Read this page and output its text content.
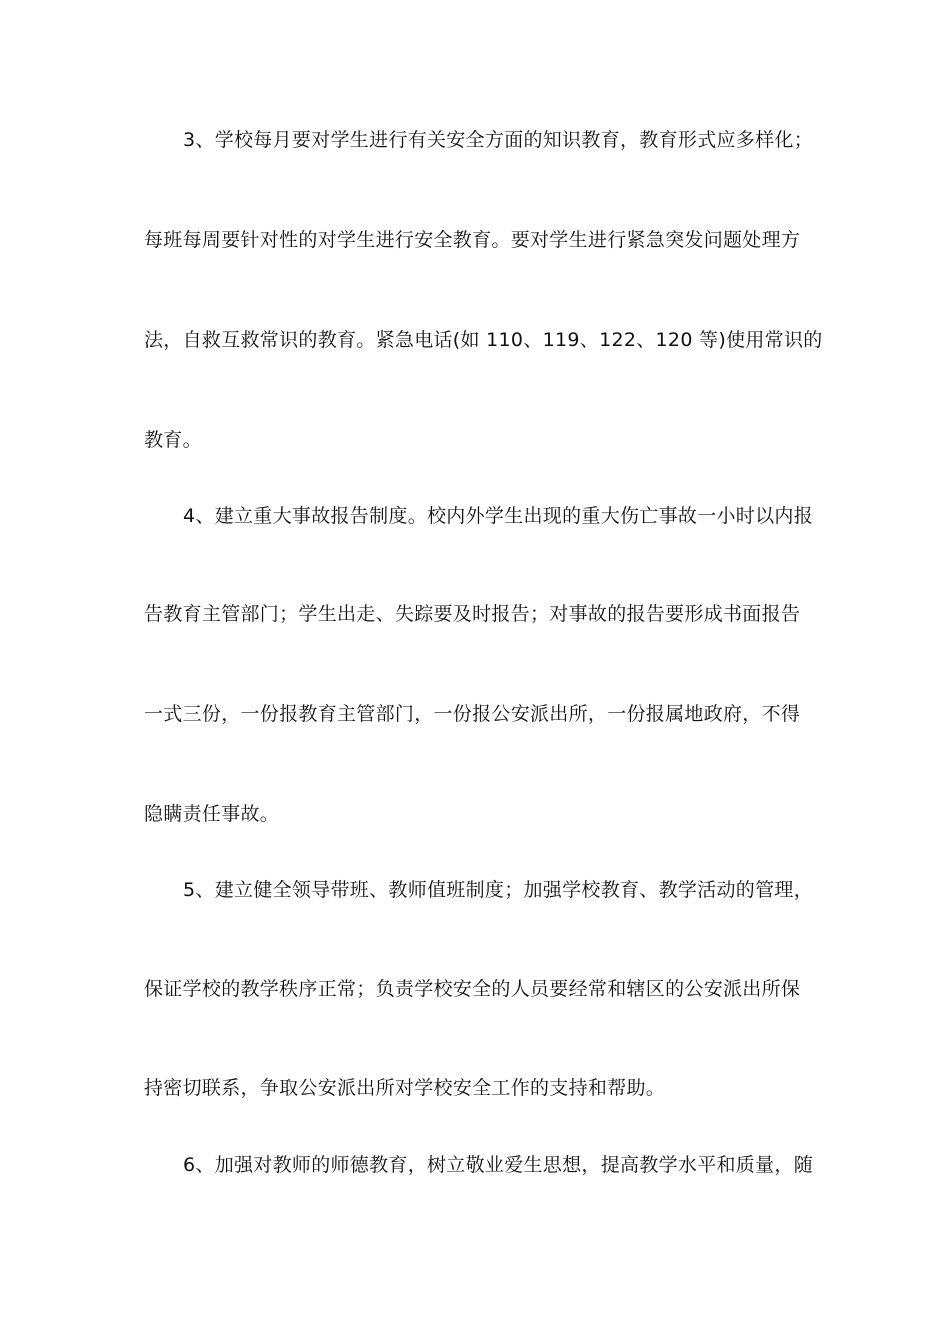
3、学校每月要对学生进行有关安全方面的知识教育，教育形式应多样化；
每班每周要针对性的对学生进行安全教育。要对学生进行紧急突发问题处理方
法，自救互救常识的教育。紧急电话(如 110、119、122、120 等)使用常识的
教育。
4、建立重大事故报告制度。校内外学生出现的重大伤亡事故一小时以内报
告教育主管部门；学生出走、失踪要及时报告；对事故的报告要形成书面报告
一式三份，一份报教育主管部门，一份报公安派出所，一份报属地政府，不得
隐瞒责任事故。
5、建立健全领导带班、教师值班制度；加强学校教育、教学活动的管理，
保证学校的教学秩序正常；负责学校安全的人员要经常和辖区的公安派出所保
持密切联系，争取公安派出所对学校安全工作的支持和帮助。
6、加强对教师的师德教育，树立敬业爱生思想，提高教学水平和质量，随
